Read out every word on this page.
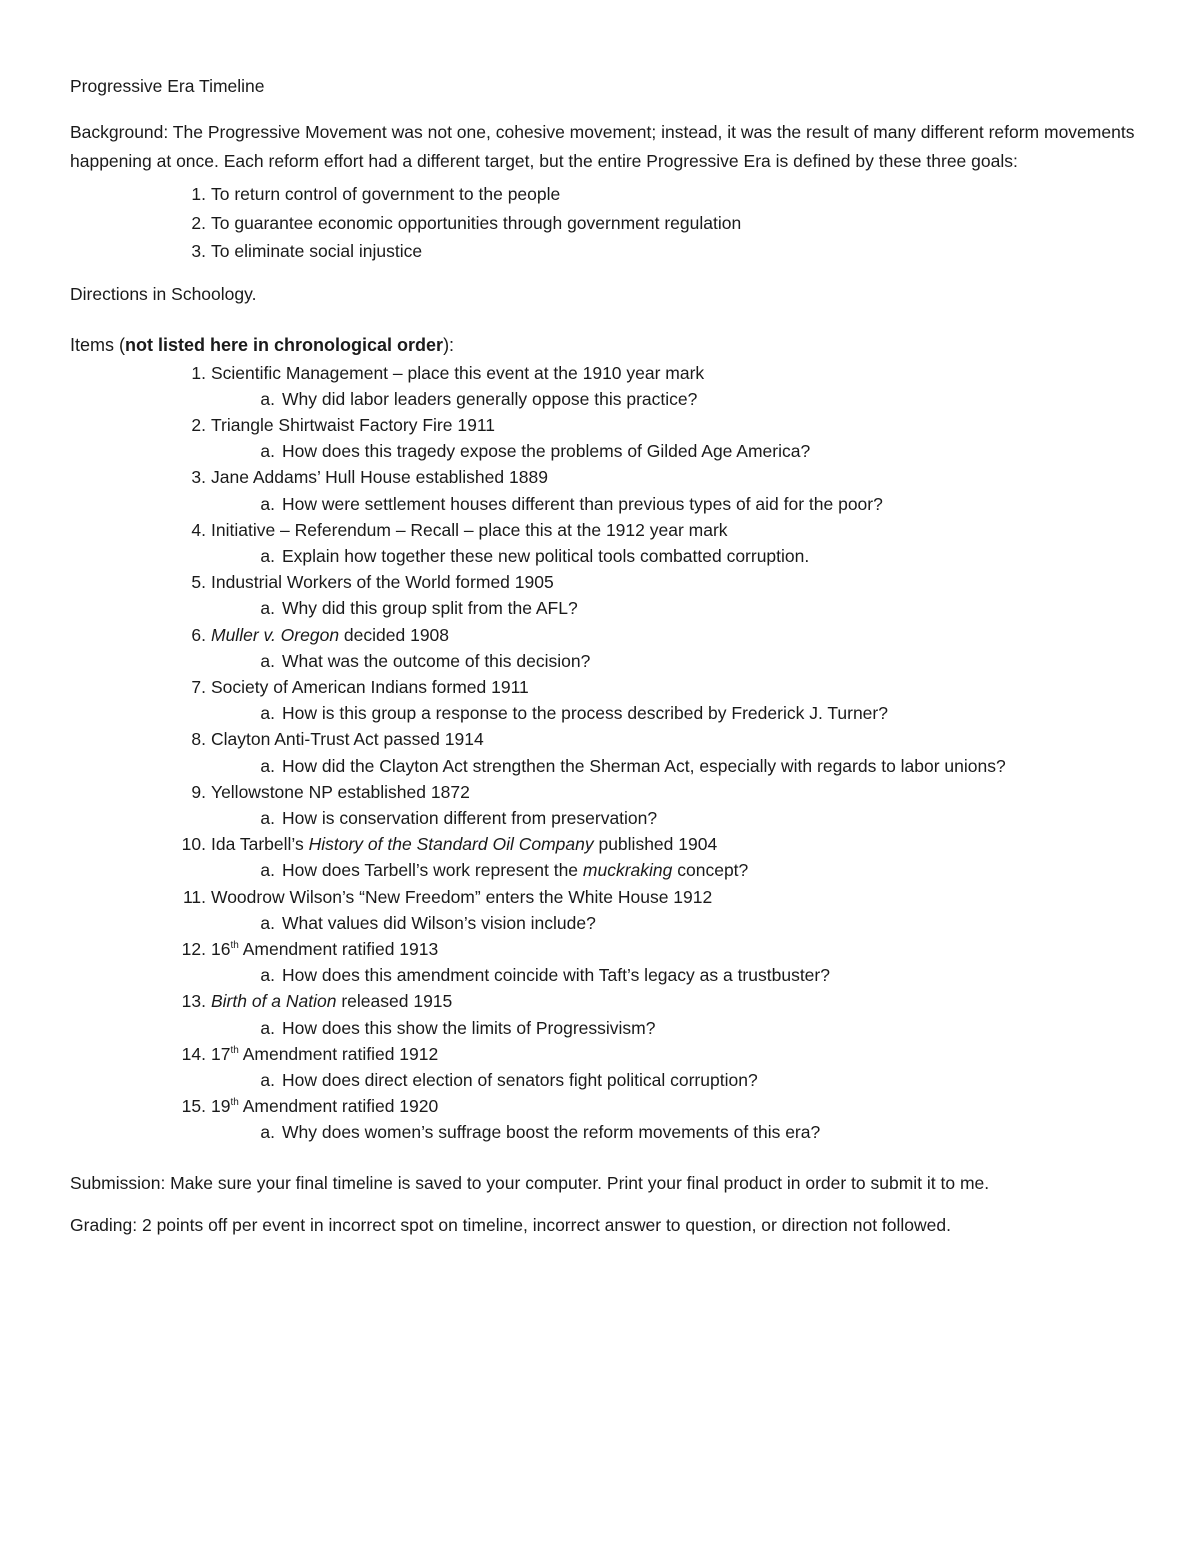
Progressive Era Timeline

Background: The Progressive Movement was not one, cohesive movement; instead, it was the result of many different reform movements happening at once. Each reform effort had a different target, but the entire Progressive Era is defined by these three goals:

1. To return control of government to the people
2. To guarantee economic opportunities through government regulation
3. To eliminate social injustice

Directions in Schoology.

Items (not listed here in chronological order):

1. Scientific Management – place this event at the 1910 year mark
a. Why did labor leaders generally oppose this practice?
2. Triangle Shirtwaist Factory Fire 1911
a. How does this tragedy expose the problems of Gilded Age America?
3. Jane Addams’ Hull House established 1889
a. How were settlement houses different than previous types of aid for the poor?
4. Initiative – Referendum – Recall – place this at the 1912 year mark
a. Explain how together these new political tools combatted corruption.
5. Industrial Workers of the World formed 1905
a. Why did this group split from the AFL?
6. Muller v. Oregon decided 1908
a. What was the outcome of this decision?
7. Society of American Indians formed 1911
a. How is this group a response to the process described by Frederick J. Turner?
8. Clayton Anti-Trust Act passed 1914
a. How did the Clayton Act strengthen the Sherman Act, especially with regards to labor unions?
9. Yellowstone NP established 1872
a. How is conservation different from preservation?
10. Ida Tarbell’s History of the Standard Oil Company published 1904
a. How does Tarbell’s work represent the muckraking concept?
11. Woodrow Wilson’s “New Freedom” enters the White House 1912
a. What values did Wilson’s vision include?
12. 16th Amendment ratified 1913
a. How does this amendment coincide with Taft’s legacy as a trustbuster?
13. Birth of a Nation released 1915
a. How does this show the limits of Progressivism?
14. 17th Amendment ratified 1912
a. How does direct election of senators fight political corruption?
15. 19th Amendment ratified 1920
a. Why does women’s suffrage boost the reform movements of this era?

Submission: Make sure your final timeline is saved to your computer. Print your final product in order to submit it to me.

Grading: 2 points off per event in incorrect spot on timeline, incorrect answer to question, or direction not followed.
